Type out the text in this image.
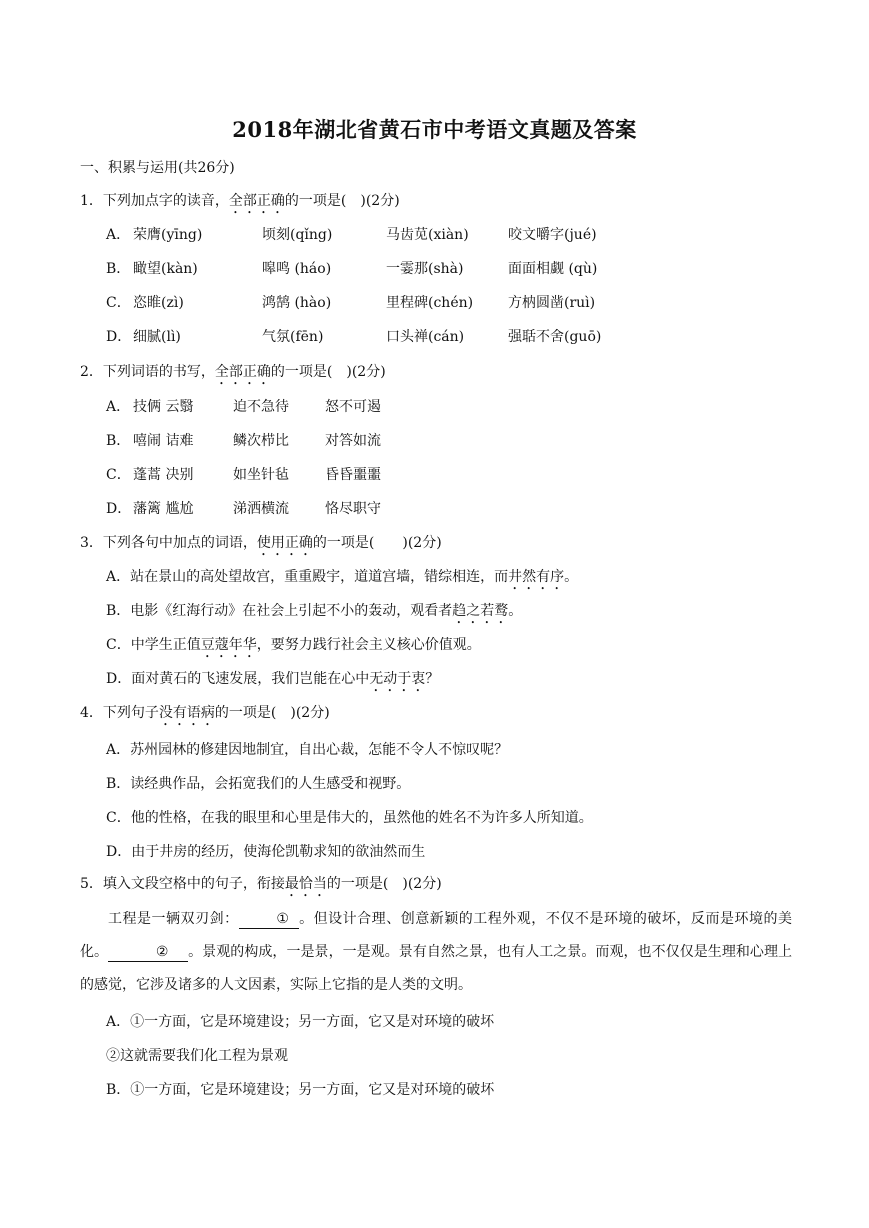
2018年湖北省黄石市中考语文真题及答案
一、积累与运用(共26分)
1．下列加点字的读音，全部正确的一项是(　)(2分)
A． 荣膺(yīng)	顷刻(qǐng)	马齿苋(xiàn)	咬文嚼字(jué)
B． 瞰望(kàn)	嗥鸣 (háo)	一霎那(shà)	面面相觑 (qù)
C． 恣睢(zì)	鸿鹄 (hào)	里程碑(chén) 方枘圆凿(ruì)
D． 细腻(lì)	气氛(fēn)	口头禅(cán)	强聒不舍(guō)
2．下列词语的书写，全部正确的一项是(　)(2分)
A． 技俩 云翳	迫不急待	怒不可遏
B． 嘻闹 诘难	鳞次栉比	对答如流
C． 蓬蒿 决别	如坐针毡	昏昏噩噩
D． 藩篱 尴尬	涕洒横流	恪尽职守
3．下列各句中加点的词语，使用正确的一项是(　　)(2分)
A．站在景山的高处望故宫，重重殿宇，道道宫墙，错综相连，而井然有序。
B．电影《红海行动》在社会上引起不小的轰动，观看者趋之若鹜。
C．中学生正值豆蔻年华，要努力践行社会主义核心价值观。
D．面对黄石的飞速发展，我们岂能在心中无动于衷？
4．下列句子没有语病的一项是(　)(2分)
A．苏州园林的修建因地制宜，自出心裁，怎能不令人不惊叹呢？
B．读经典作品，会拓宽我们的人生感受和视野。
C．他的性格，在我的眼里和心里是伟大的，虽然他的姓名不为许多人所知道。
D．由于井房的经历，使海伦凯勒求知的欲油然而生
5．填入文段空格中的句子，衔接最恰当的一项是(　)(2分)
工程是一辆双刃剑：	① 。但设计合理、创意新颖的工程外观，不仅不是环境的破坏，反而是环境的美化。	② 。景观的构成，一是景，一是观。景有自然之景，也有人工之景。而观，也不仅仅是生理和心理上的感觉，它涉及诸多的人文因素，实际上它指的是人类的文明。
A．①一方面，它是环境建设；另一方面，它又是对环境的破坏
②这就需要我们化工程为景观
B．①一方面，它是环境建设；另一方面，它又是对环境的破坏
